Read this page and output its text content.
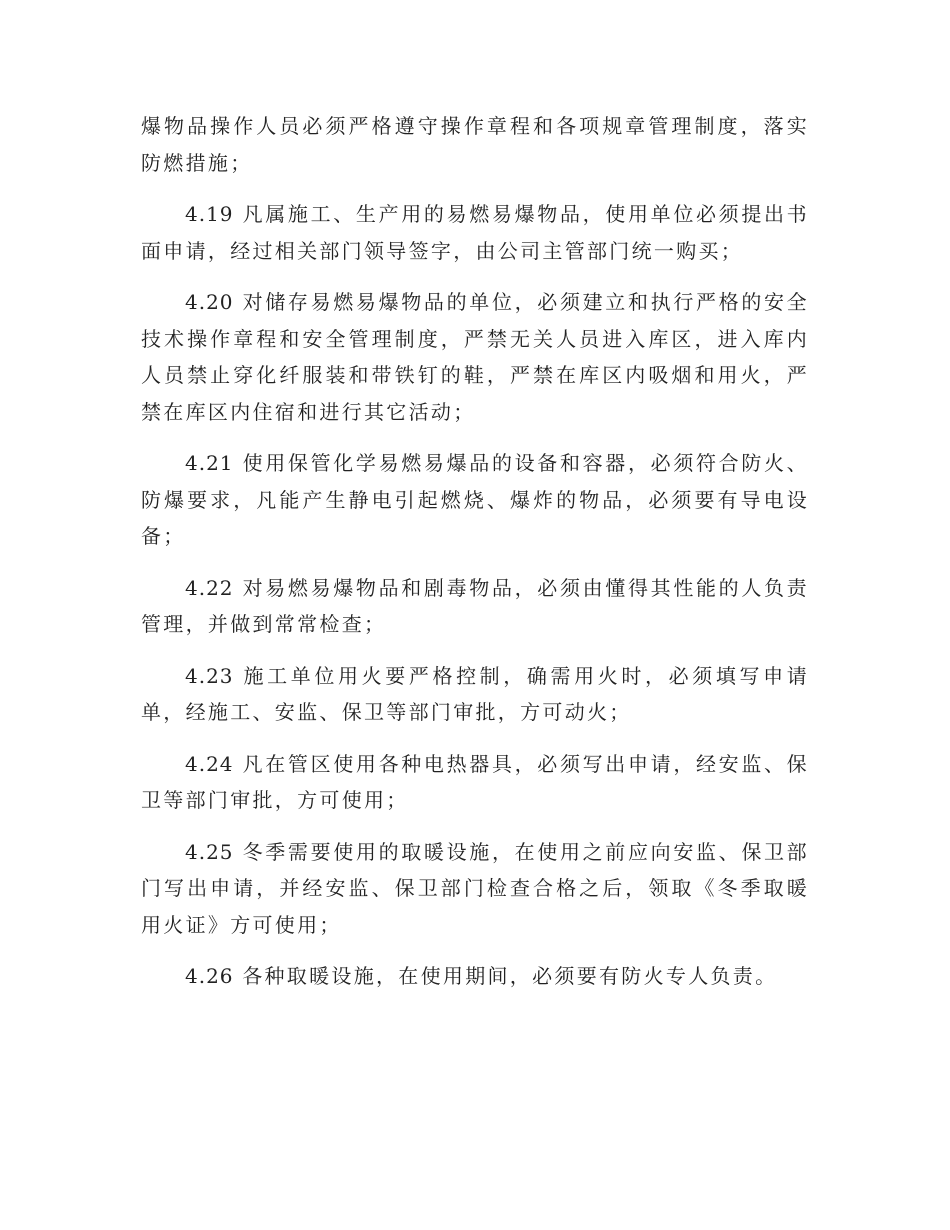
爆物品操作人员必须严格遵守操作章程和各项规章管理制度，落实防燃措施；

4.19 凡属施工、生产用的易燃易爆物品，使用单位必须提出书面申请，经过相关部门领导签字，由公司主管部门统一购买；

4.20 对储存易燃易爆物品的单位，必须建立和执行严格的安全技术操作章程和安全管理制度，严禁无关人员进入库区，进入库内人员禁止穿化纤服装和带铁钉的鞋，严禁在库区内吸烟和用火，严禁在库区内住宿和进行其它活动；

4.21 使用保管化学易燃易爆品的设备和容器，必须符合防火、防爆要求，凡能产生静电引起燃烧、爆炸的物品，必须要有导电设备；

4.22 对易燃易爆物品和剧毒物品，必须由懂得其性能的人负责管理，并做到常常检查；

4.23 施工单位用火要严格控制，确需用火时，必须填写申请单，经施工、安监、保卫等部门审批，方可动火；

4.24 凡在管区使用各种电热器具，必须写出申请，经安监、保卫等部门审批，方可使用；

4.25 冬季需要使用的取暖设施，在使用之前应向安监、保卫部门写出申请，并经安监、保卫部门检查合格之后，领取《冬季取暖用火证》方可使用；

4.26 各种取暖设施，在使用期间，必须要有防火专人负责。
